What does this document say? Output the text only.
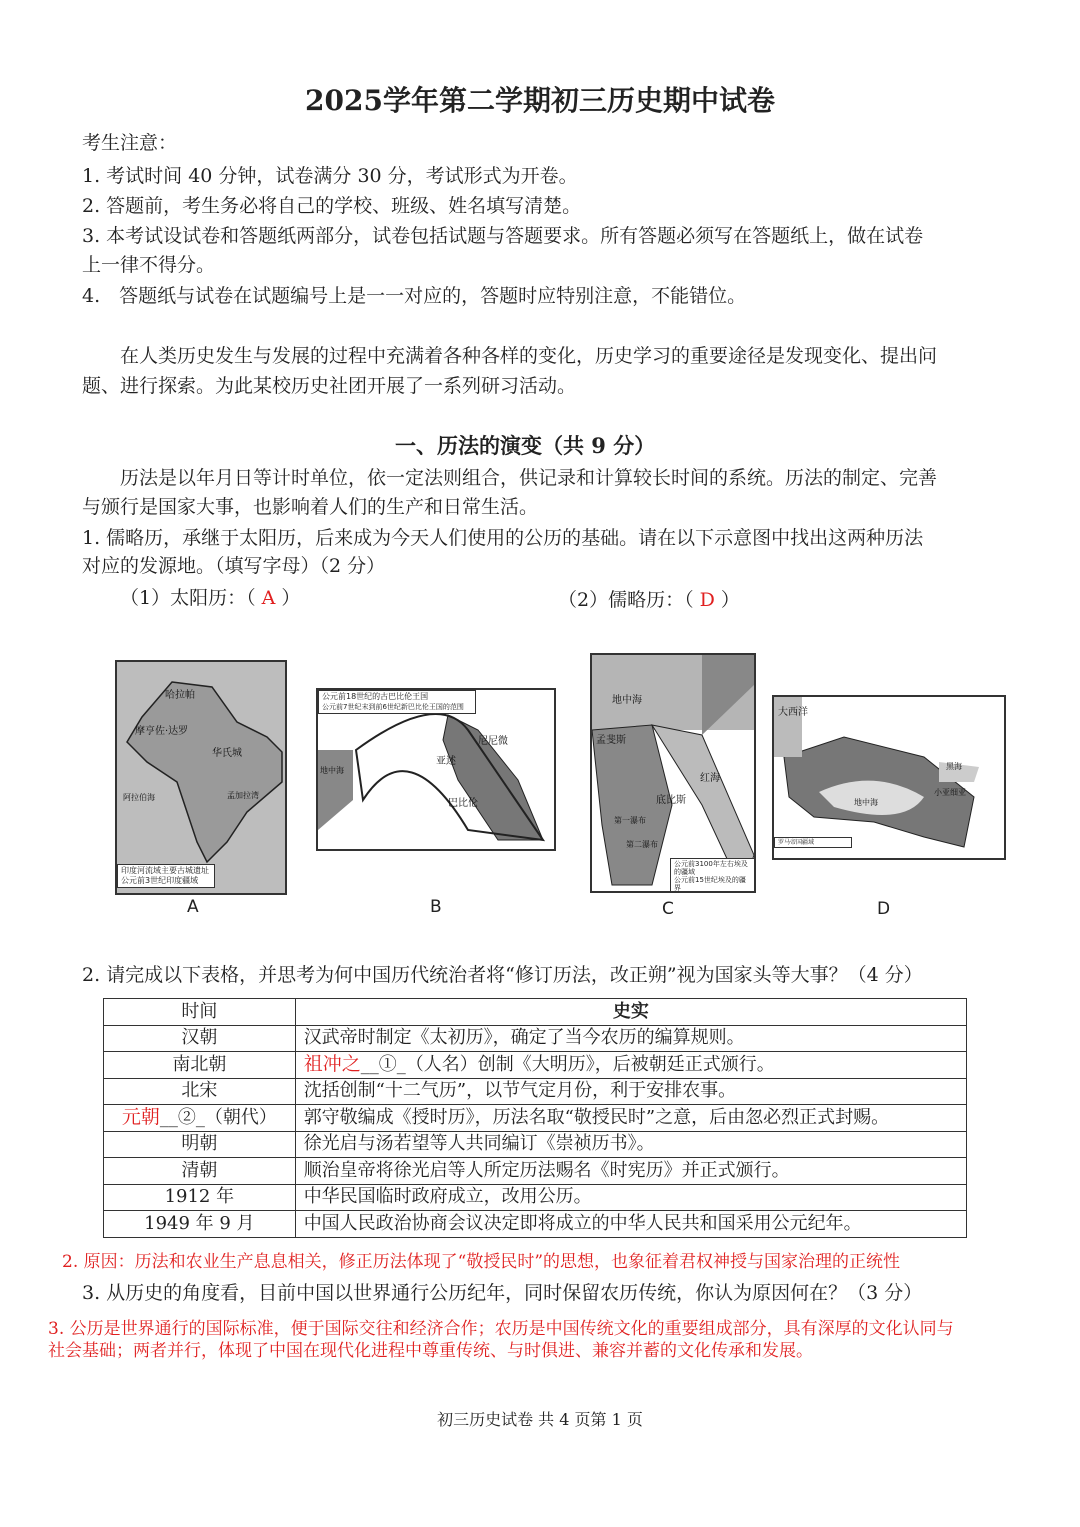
2025学年第二学期初三历史期中试卷
考生注意：
1. 考试时间 40 分钟，试卷满分 30 分，考试形式为开卷。
2. 答题前，考生务必将自己的学校、班级、姓名填写清楚。
3. 本考试设试卷和答题纸两部分，试卷包括试题与答题要求。所有答题必须写在答题纸上，做在试卷
上一律不得分。
4.　答题纸与试卷在试题编号上是一一对应的，答题时应特别注意，不能错位。
　　在人类历史发生与发展的过程中充满着各种各样的变化，历史学习的重要途径是发现变化、提出问
题、进行探索。为此某校历史社团开展了一系列研习活动。
一、历法的演变（共 9 分）
　　历法是以年月日等计时单位，依一定法则组合，供记录和计算较长时间的系统。历法的制定、完善
与颁行是国家大事，也影响着人们的生产和日常生活。
1. 儒略历，承继于太阳历，后来成为今天人们使用的公历的基础。请在以下示意图中找出这两种历法
对应的发源地。（填写字母）（2 分）
（1）太阳历：（ A ）	（2）儒略历：（ D ）
哈拉帕
摩亨佐·达罗
华氏城
阿拉伯海	孟加拉湾
印度河流域主要古城遗址
公元前3世纪印度疆域
A
公元前18世纪的古巴比伦王国
公元前7世纪末到前6世纪新巴比伦王国的范围
尼尼微
亚述
巴比伦
地中海
B
地中海
孟斐斯
底比斯
红海
第一瀑布
第二瀑布
公元前3100年左右埃及的疆域
公元前15世纪埃及的疆界
C
大西洋
黑海
小亚细亚
地中海
罗马帝国疆域
D
2. 请完成以下表格，并思考为何中国历代统治者将“修订历法，改正朔”视为国家头等大事？（4 分）
时间	史实
汉朝	汉武帝时制定《太初历》，确定了当今农历的编算规则。
南北朝	祖冲之__①_（人名）创制《大明历》，后被朝廷正式颁行。
北宋	沈括创制“十二气历”，以节气定月份，利于安排农事。
元朝__②_（朝代）	郭守敬编成《授时历》，历法名取“敬授民时”之意，后由忽必烈正式封赐。
明朝	徐光启与汤若望等人共同编订《崇祯历书》。
清朝	顺治皇帝将徐光启等人所定历法赐名《时宪历》并正式颁行。
1912 年	中华民国临时政府成立，改用公历。
1949 年 9 月	中国人民政治协商会议决定即将成立的中华人民共和国采用公元纪年。
2. 原因：历法和农业生产息息相关，修正历法体现了“敬授民时”的思想，也象征着君权神授与国家治理的正统性
3. 从历史的角度看，目前中国以世界通行公历纪年，同时保留农历传统，你认为原因何在？（3 分）
3. 公历是世界通行的国际标准，便于国际交往和经济合作；农历是中国传统文化的重要组成部分，具有深厚的文化认同与
社会基础；两者并行，体现了中国在现代化进程中尊重传统、与时俱进、兼容并蓄的文化传承和发展。
初三历史试卷 共 4 页第 1 页
